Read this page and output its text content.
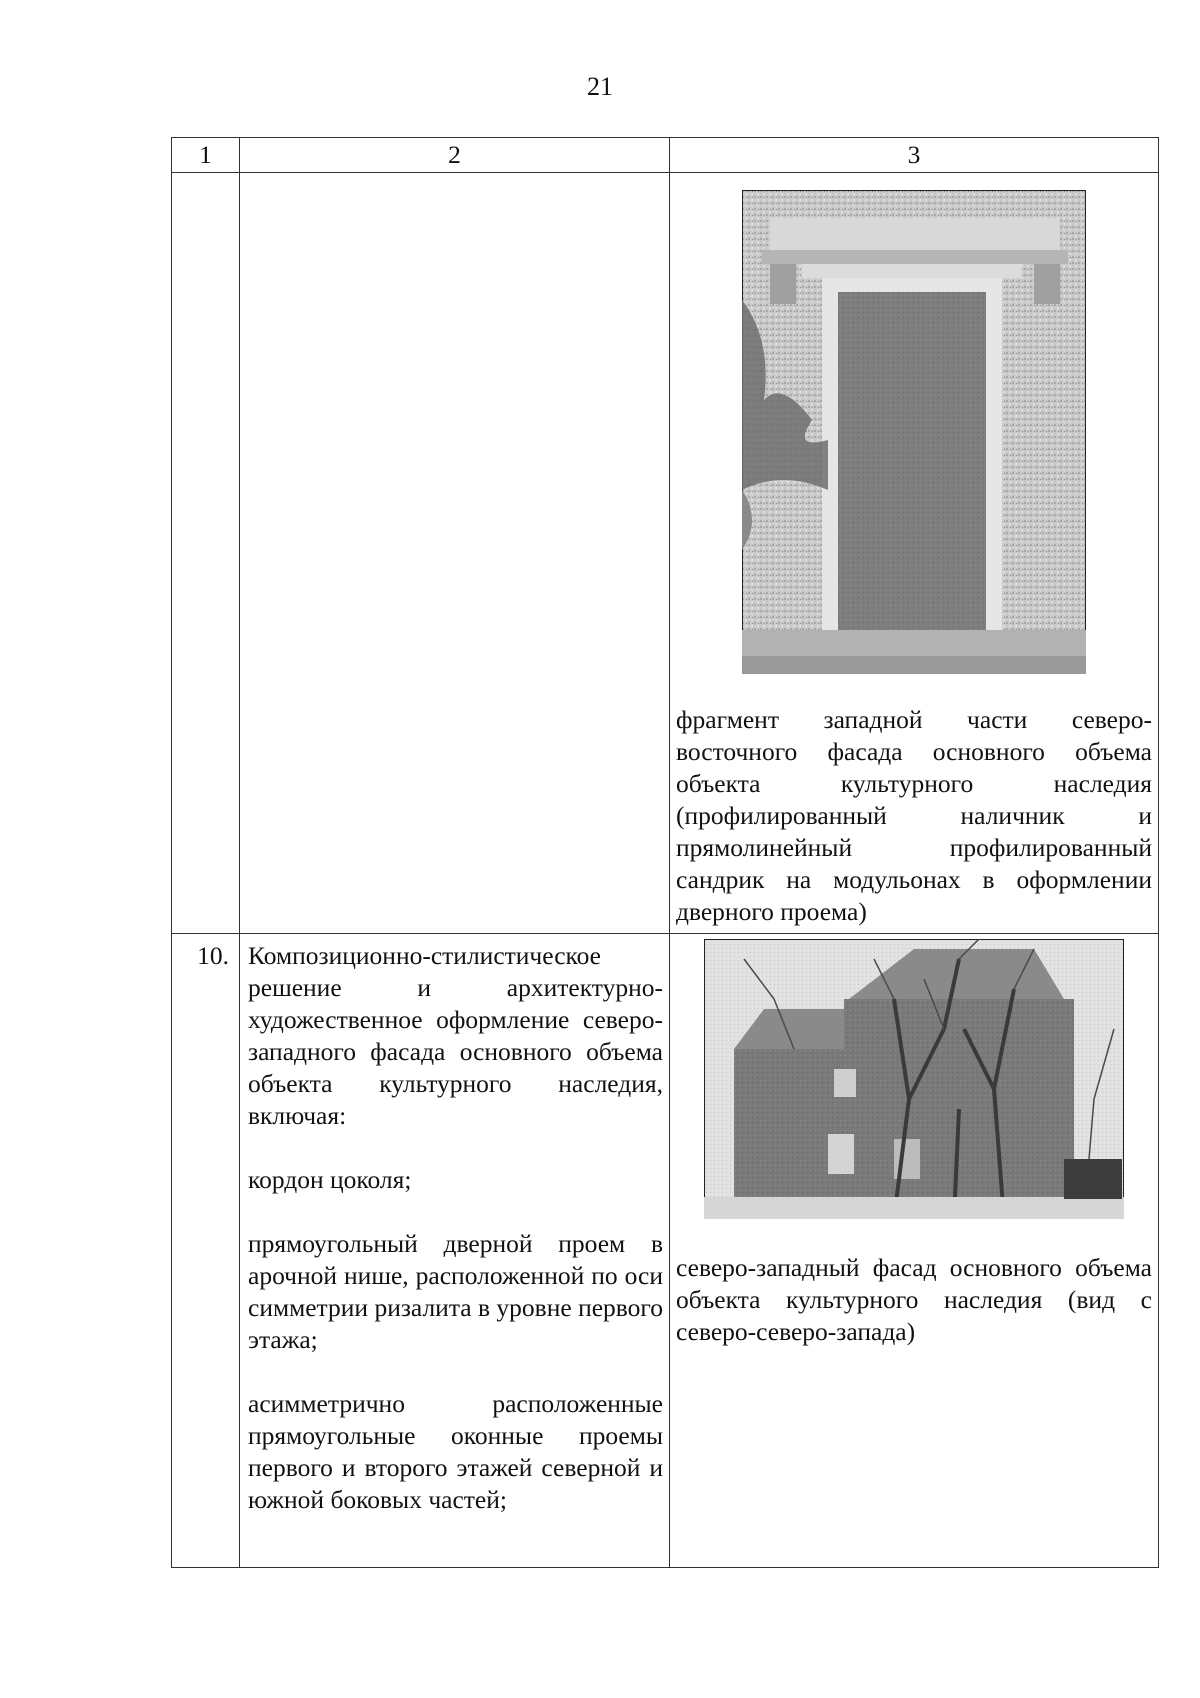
21
1	2	3

		фрагмент западной части северо-восточного фасада основного объема объекта культурного наследия (профилированный наличник и прямолинейный профилированный сандрик на модульонах в оформлении дверного проема)

10.	Композиционно-стилистическое решение и архитектурно-художественное оформление северо-западного фасада основного объема объекта культурного наследия, включая:

кордон цоколя;

прямоугольный дверной проем в арочной нише, расположенной по оси симметрии ризалита в уровне первого этажа;

асимметрично расположенные прямоугольные оконные проемы первого и второго этажей северной и южной боковых частей;	северо-западный фасад основного объема объекта культурного наследия (вид с северо-северо-запада)
